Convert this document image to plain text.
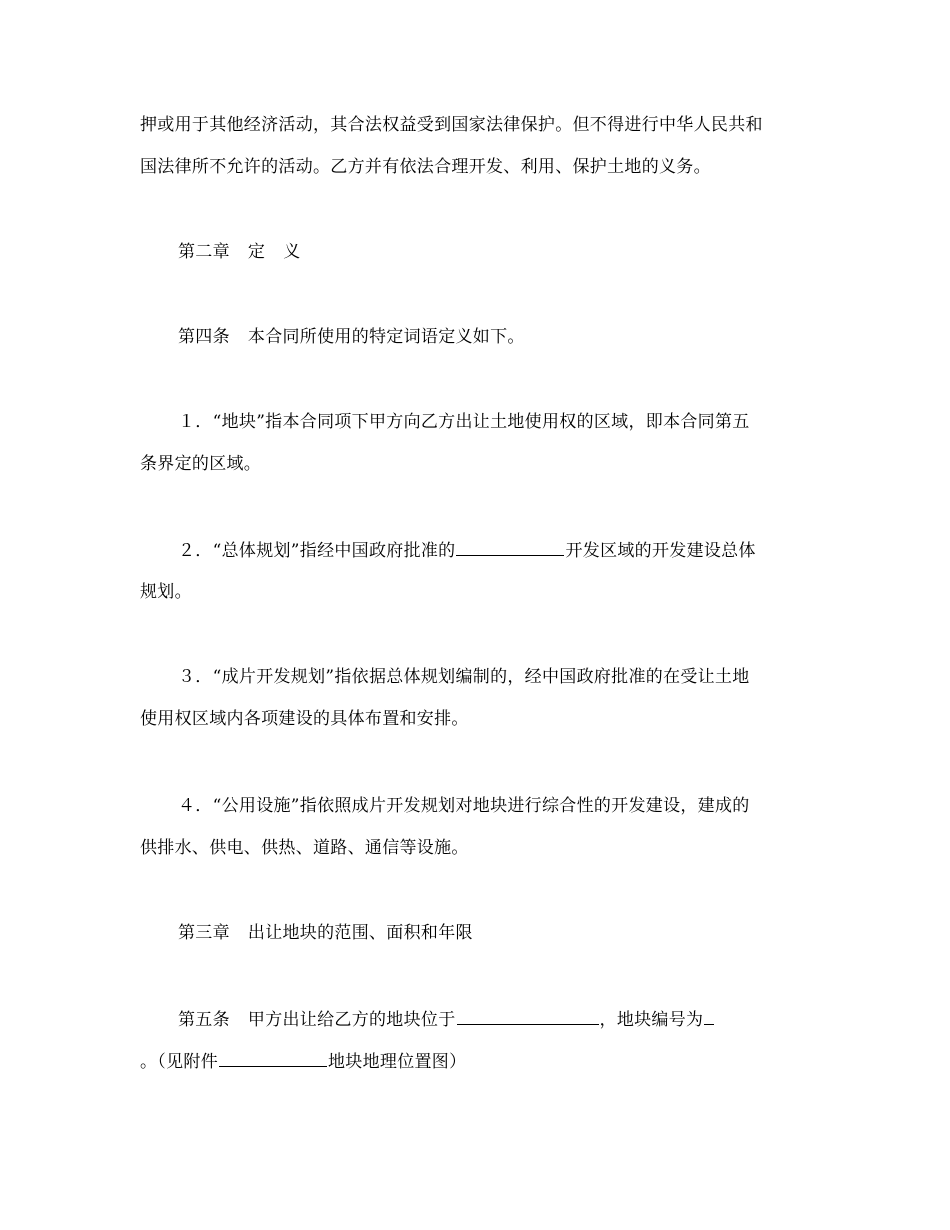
押或用于其他经济活动，其合法权益受到国家法律保护。但不得进行中华人民共和
国法律所不允许的活动。乙方并有依法合理开发、利用、保护土地的义务。
第二章 定 义
第四条 本合同所使用的特定词语定义如下。
１．“地块”指本合同项下甲方向乙方出让土地使用权的区域，即本合同第五
条界定的区域。
２．“总体规划”指经中国政府批准的	开发区域的开发建设总体
规划。
３．“成片开发规划”指依据总体规划编制的，经中国政府批准的在受让土地
使用权区域内各项建设的具体布置和安排。
４．“公用设施”指依照成片开发规划对地块进行综合性的开发建设，建成的
供排水、供电、供热、道路、通信等设施。
第三章 出让地块的范围、面积和年限
第五条 甲方出让给乙方的地块位于	，地块编号为
。（见附件	地块地理位置图）
